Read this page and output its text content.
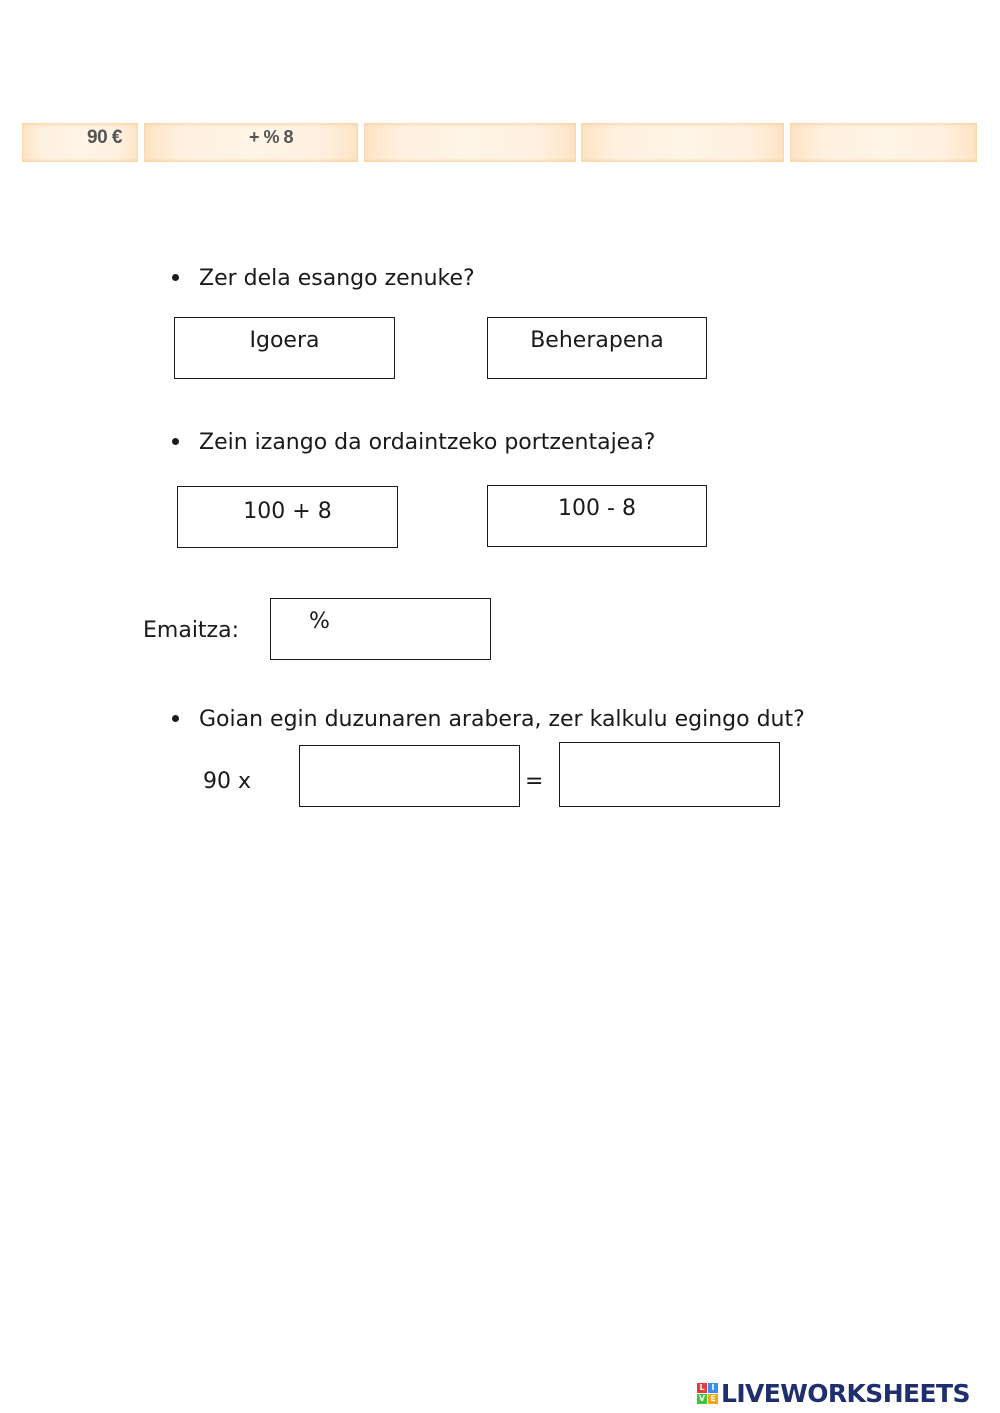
90 €	+ % 8
Zer dela esango zenuke?
Igoera	Beherapena
Zein izango da ordaintzeko portzentajea?
100 + 8	100 - 8
Emaitza:	%
Goian egin duzunaren arabera, zer kalkulu egingo dut?
90 x	=
L I
V E LIVEWORKSHEETS
